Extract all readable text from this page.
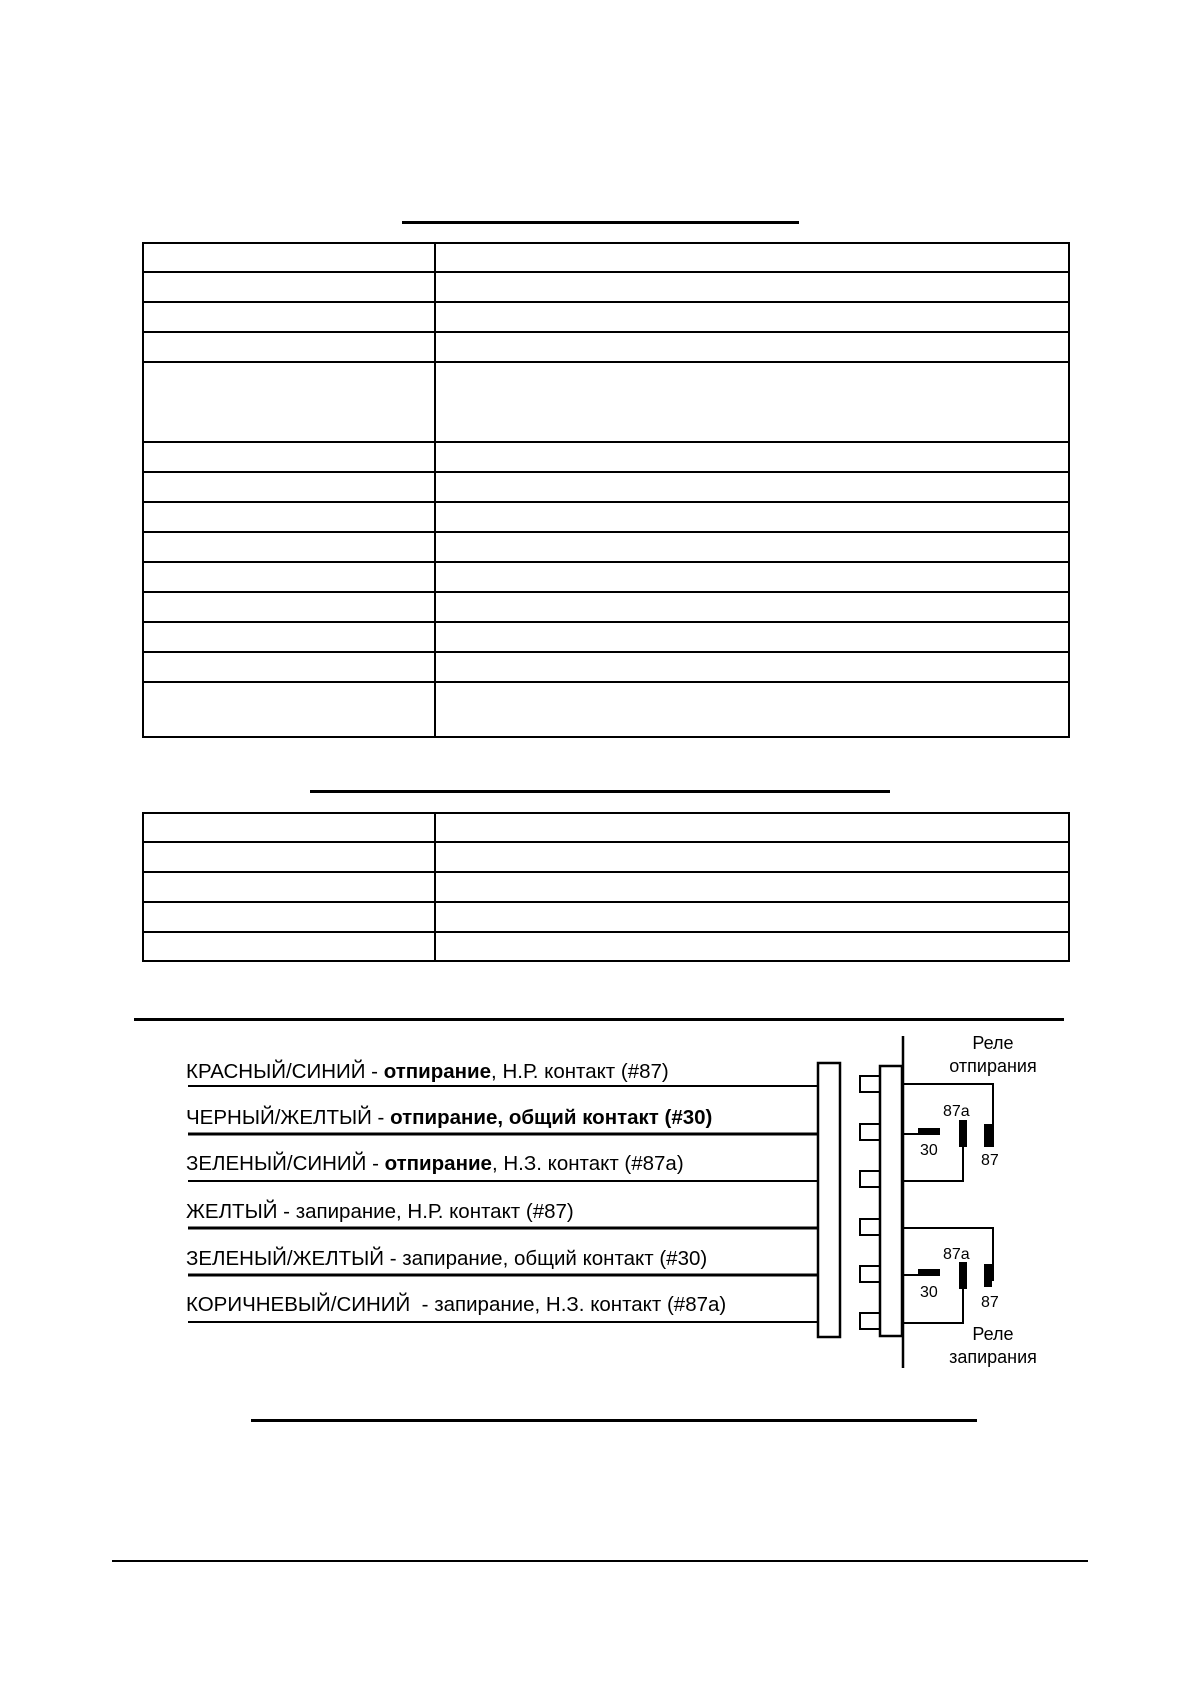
КРАСНЫЙ/СИНИЙ - отпирание, Н.Р. контакт (#87)
ЧЕРНЫЙ/ЖЕЛТЫЙ - отпирание, общий контакт (#30)
ЗЕЛЕНЫЙ/СИНИЙ - отпирание, Н.З. контакт (#87а)
ЖЕЛТЫЙ - запирание, Н.Р. контакт (#87)
ЗЕЛЕНЫЙ/ЖЕЛТЫЙ - запирание, общий контакт (#30)
КОРИЧНЕВЫЙ/СИНИЙ  - запирание, Н.З. контакт (#87а)
Реле
отпирания
87а
30
87
87а
30
87
Реле
запирания
